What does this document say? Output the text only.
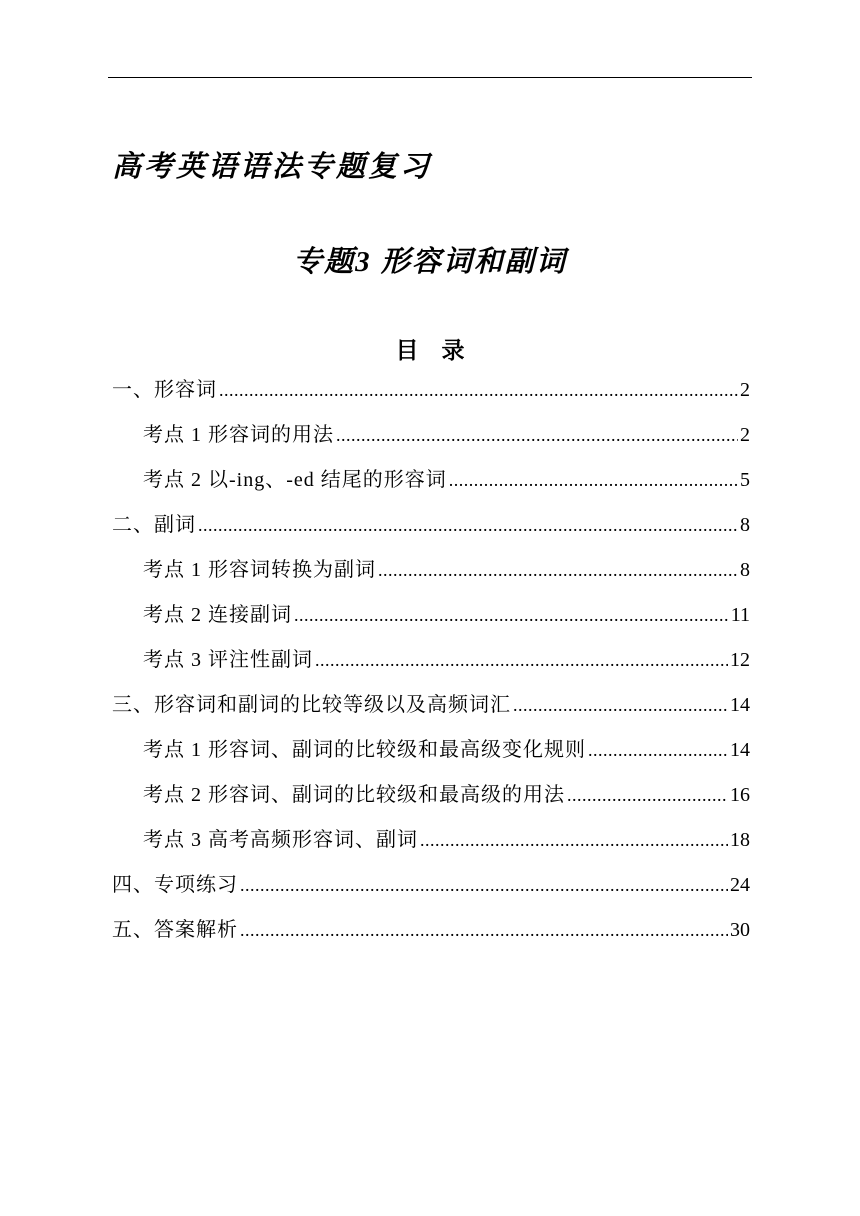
高考英语语法专题复习
专题3 形容词和副词
目　录
一、形容词 .....	2
考点 1 形容词的用法 .....	2
考点 2 以-ing、-ed 结尾的形容词 .....	5
二、副词 .....	8
考点 1 形容词转换为副词 .....	8
考点 2 连接副词 .....	11
考点 3 评注性副词 .....	12
三、形容词和副词的比较等级以及高频词汇 .....	14
考点 1 形容词、副词的比较级和最高级变化规则 .....	14
考点 2 形容词、副词的比较级和最高级的用法 .....	16
考点 3 高考高频形容词、副词 .....	18
四、专项练习 .....	24
五、答案解析 .....	30
